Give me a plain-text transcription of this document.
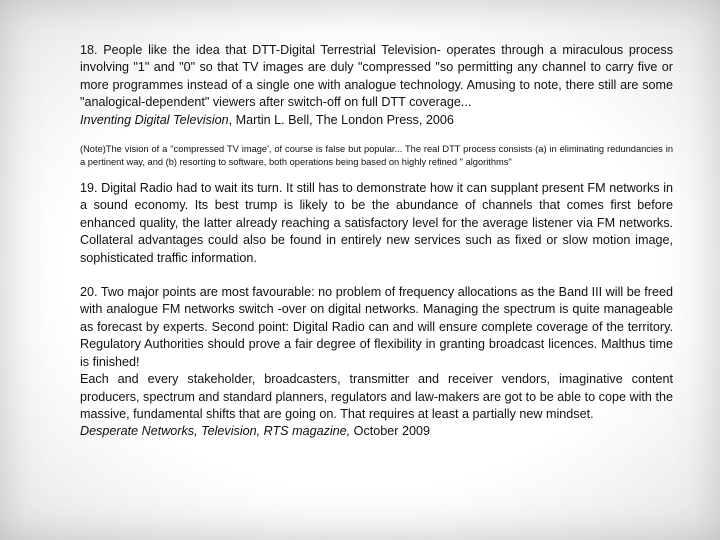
18. People like the idea that DTT-Digital Terrestrial Television- operates through a miraculous process involving "1" and "0" so that TV images are duly "compressed "so permitting any channel to carry five or more programmes instead of a single one with analogue technology. Amusing to note, there still are some "analogical-dependent" viewers after switch-off on full DTT coverage...

Inventing Digital Television, Martin L. Bell, The London Press, 2006

(Note)The vision of a "compressed TV image', of course is false but popular... The real DTT process consists (a) in eliminating redundancies in a pertinent way, and (b) resorting to software, both operations being based on highly refined " algorithms"

19. Digital Radio had to wait its turn. It still has to demonstrate how it can supplant present FM networks in a sound economy. Its best trump is likely to be the abundance of channels that comes first before enhanced quality, the latter already reaching a satisfactory level for the average listener via FM networks. Collateral advantages could also be found in entirely new services such as fixed or slow motion image, sophisticated traffic information.

20. Two major points are most favourable: no problem of frequency allocations as the Band III will be freed with analogue FM networks switch -over on digital networks. Managing the spectrum is quite manageable as forecast by experts. Second point: Digital Radio can and will ensure complete coverage of the territory. Regulatory Authorities should prove a fair degree of flexibility in granting broadcast licences. Malthus time is finished!

Each and every stakeholder, broadcasters, transmitter and receiver vendors, imaginative content producers, spectrum and standard planners, regulators and law-makers are got to be able to cope with the massive, fundamental shifts that are going on. That requires at least a partially new mindset.

Desperate Networks, Television, RTS magazine, October 2009
